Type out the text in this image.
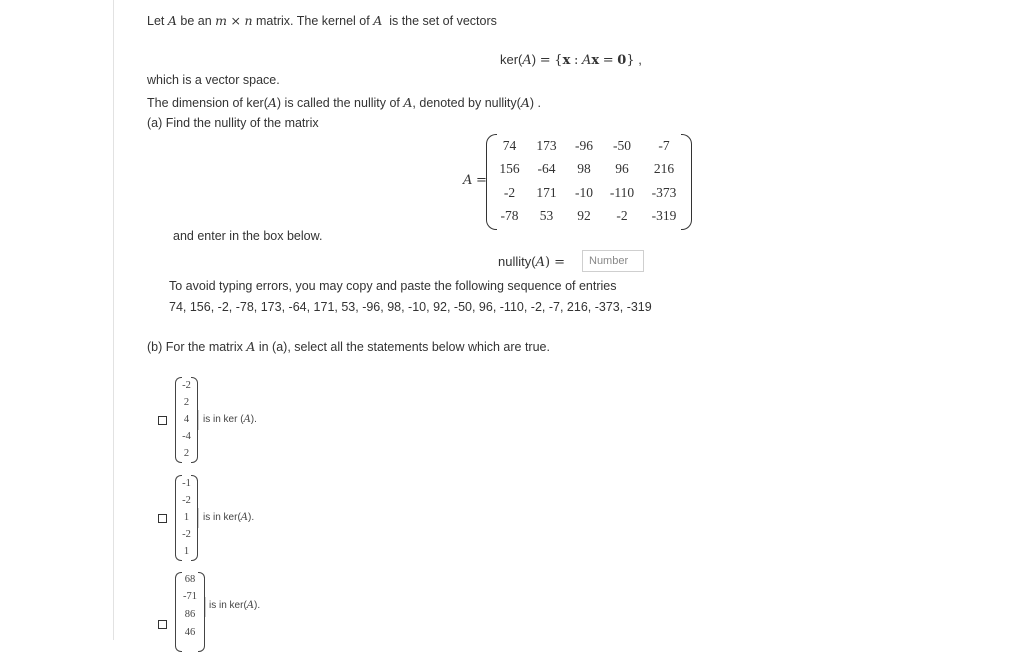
Let A be an m × n matrix. The kernel of A is the set of vectors
ker(A) = {x : Ax = 0} ,
which is a vector space.
The dimension of ker(A) is called the nullity of A, denoted by nullity(A) .
(a) Find the nullity of the matrix
A =
74	173	-96	-50	-7
156	-64	98	96	216
-2	171	-10	-110	-373
-78	53	92	-2	-319
and enter in the box below.
nullity(A) =
Number
To avoid typing errors, you may copy and paste the following sequence of entries
74, 156, -2, -78, 173, -64, 171, 53, -96, 98, -10, 92, -50, 96, -110, -2, -7, 216, -373, -319
(b) For the matrix A in (a), select all the statements below which are true.
-2
2
4
-4
2
is in ker (A).
-1
-2
1
-2
1
is in ker(A).
68
-71
86
46
is in ker(A).
